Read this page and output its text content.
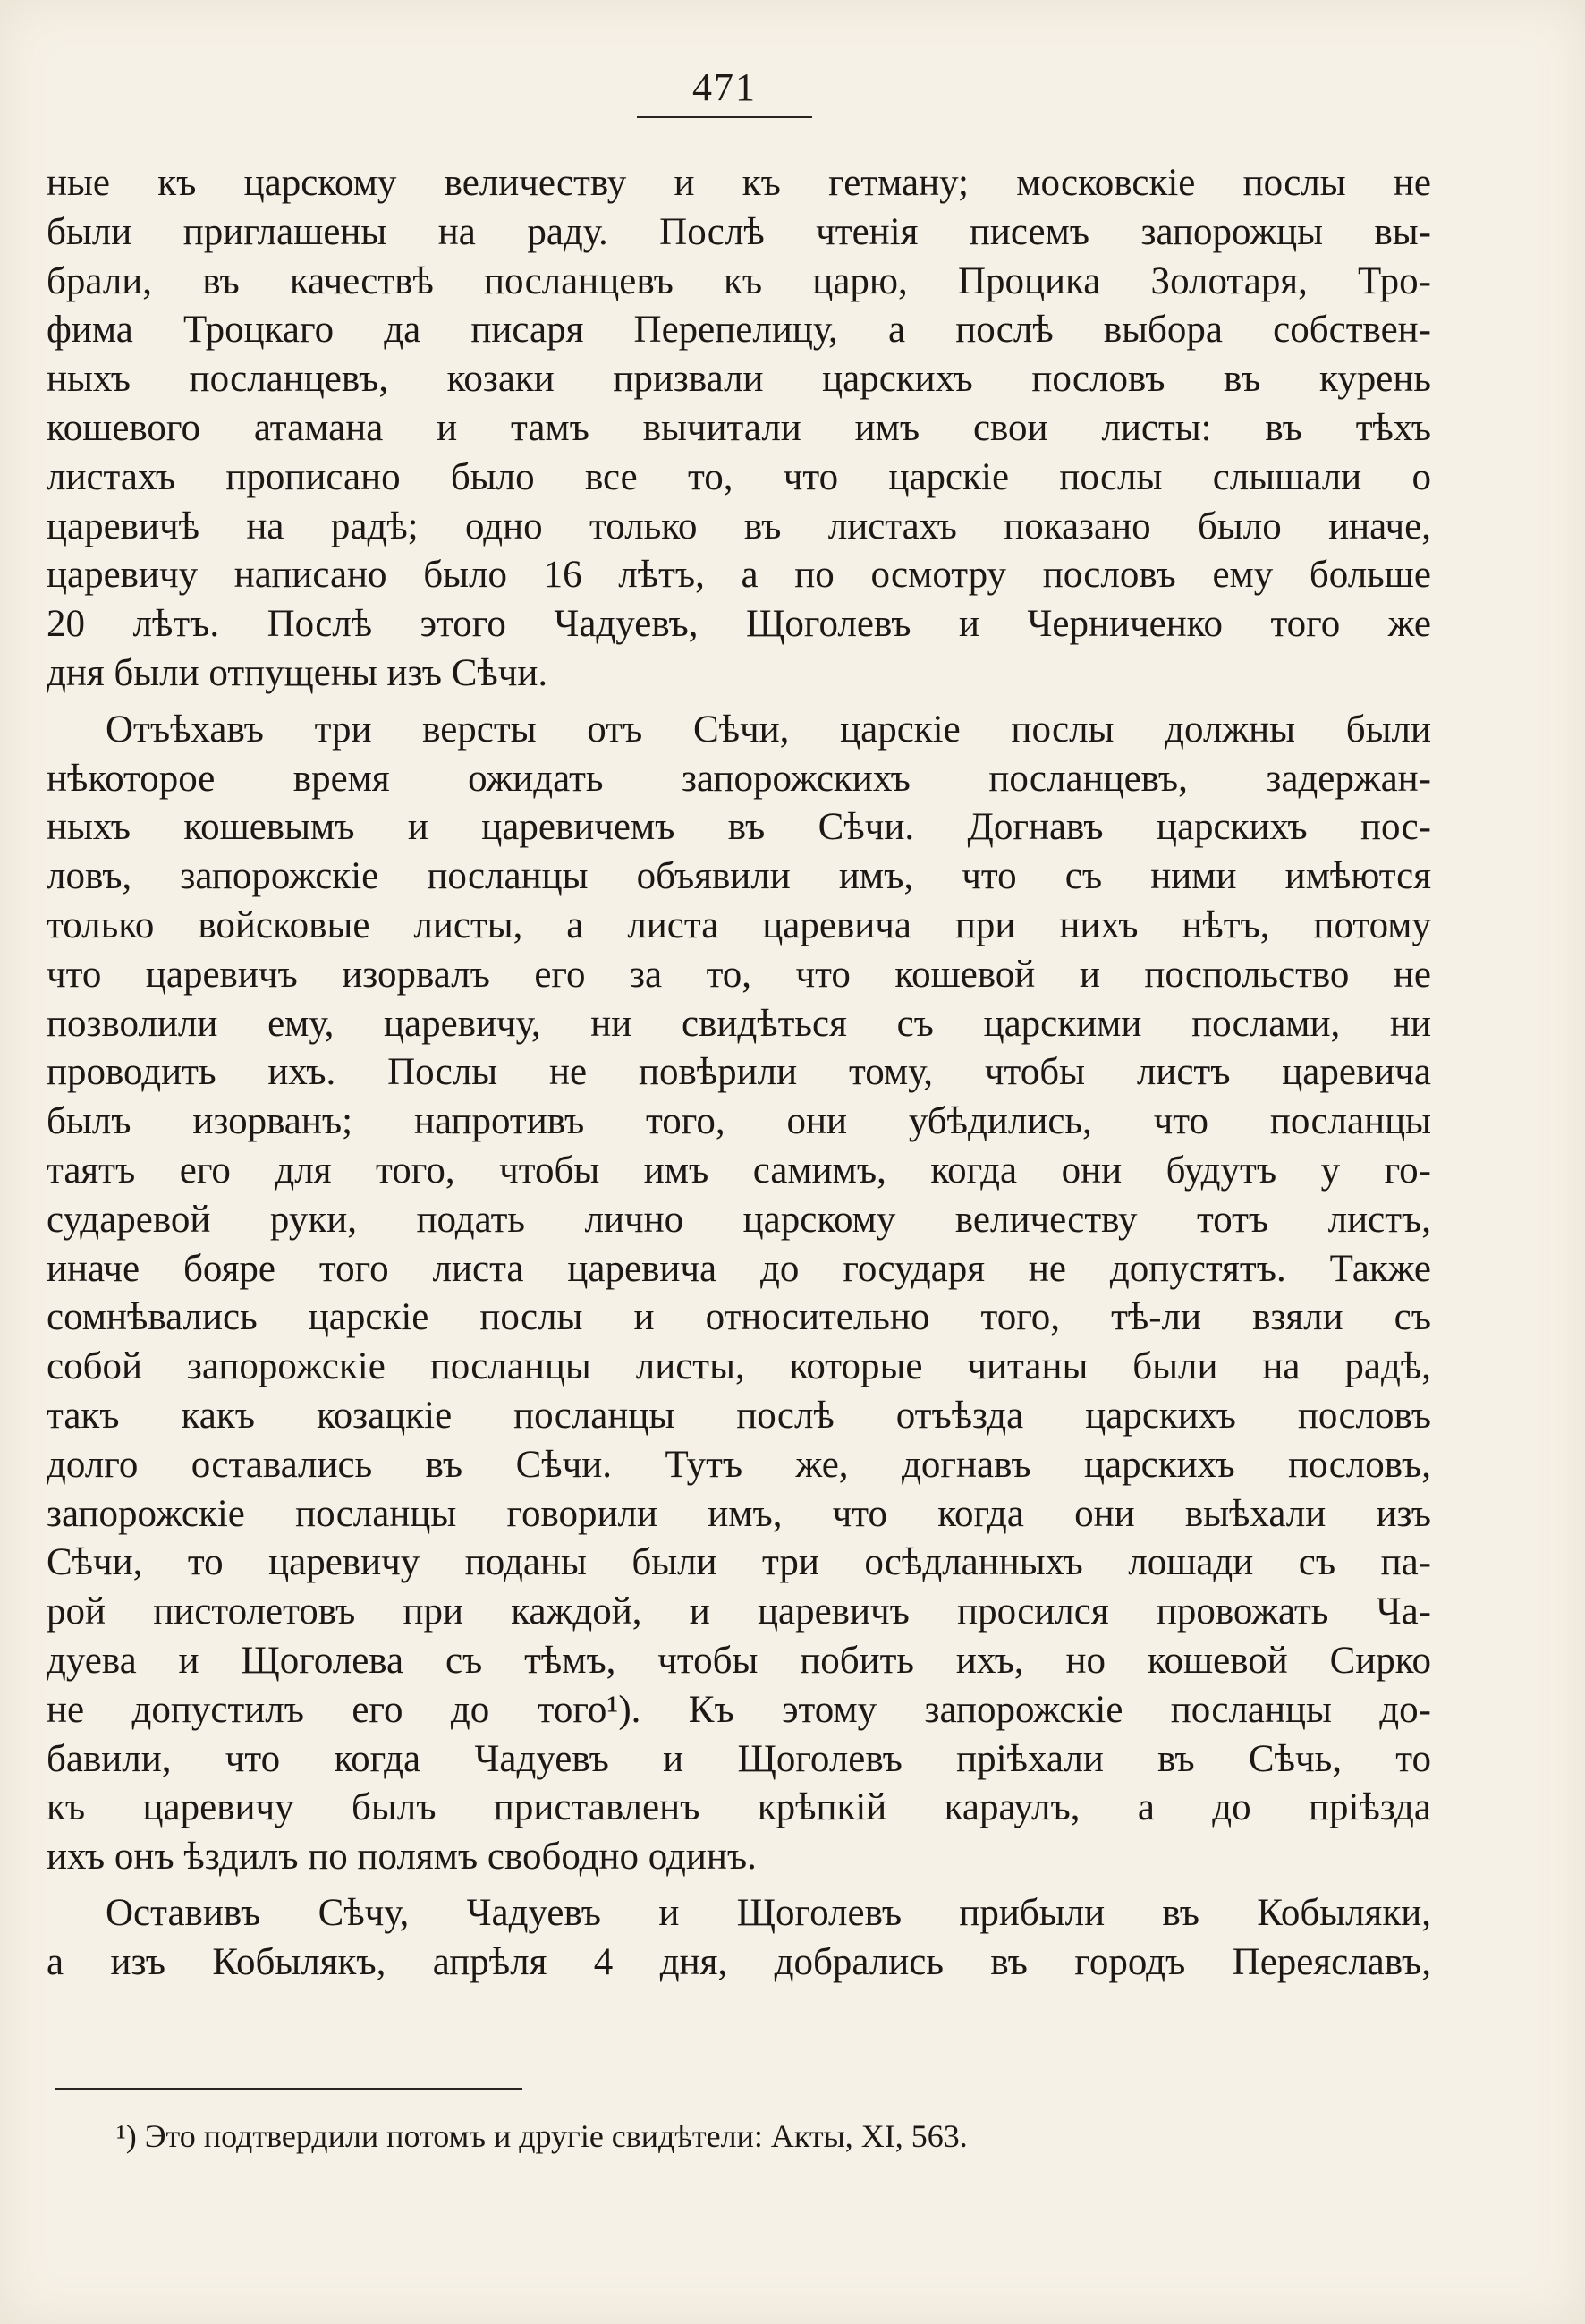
471
ные къ царскому величеству и къ гетману; московскіе послы не
были приглашены на раду. Послѣ чтенія писемъ запорожцы вы-
брали, въ качествѣ посланцевъ къ царю, Процика Золотаря, Тро-
фима Троцкаго да писаря Перепелицу, а послѣ выбора собствен-
ныхъ посланцевъ, козаки призвали царскихъ пословъ въ курень
кошевого атамана и тамъ вычитали имъ свои листы: въ тѣхъ
листахъ прописано было все то, что царскіе послы слышали о
царевичѣ на радѣ; одно только въ листахъ показано было иначе,
царевичу написано было 16 лѣтъ, а по осмотру пословъ ему больше
20 лѣтъ. Послѣ этого Чадуевъ, Щоголевъ и Черниченко того же
дня были отпущены изъ Сѣчи.
Отъѣхавъ три версты отъ Сѣчи, царскіе послы должны были
нѣкоторое время ожидать запорожскихъ посланцевъ, задержан-
ныхъ кошевымъ и царевичемъ въ Сѣчи. Догнавъ царскихъ пос-
ловъ, запорожскіе посланцы объявили имъ, что съ ними имѣются
только войсковые листы, а листа царевича при нихъ нѣтъ, потому
что царевичъ изорвалъ его за то, что кошевой и поспольство не
позволили ему, царевичу, ни свидѣться съ царскими послами, ни
проводить ихъ. Послы не повѣрили тому, чтобы листъ царевича
былъ изорванъ; напротивъ того, они убѣдились, что посланцы
таятъ его для того, чтобы имъ самимъ, когда они будутъ у го-
сударевой руки, подать лично царскому величеству тотъ листъ,
иначе бояре того листа царевича до государя не допустятъ. Также
сомнѣвались царскіе послы и относительно того, тѣ-ли взяли съ
собой запорожскіе посланцы листы, которые читаны были на радѣ,
такъ какъ козацкіе посланцы послѣ отъѣзда царскихъ пословъ
долго оставались въ Сѣчи. Тутъ же, догнавъ царскихъ пословъ,
запорожскіе посланцы говорили имъ, что когда они выѣхали изъ
Сѣчи, то царевичу поданы были три осѣдланныхъ лошади съ па-
рой пистолетовъ при каждой, и царевичъ просился провожать Ча-
дуева и Щоголева съ тѣмъ, чтобы побить ихъ, но кошевой Сирко
не допустилъ его до того¹). Къ этому запорожскіе посланцы до-
бавили, что когда Чадуевъ и Щоголевъ пріѣхали въ Сѣчь, то
къ царевичу былъ приставленъ крѣпкій караулъ, а до пріѣзда
ихъ онъ ѣздилъ по полямъ свободно одинъ.
Оставивъ Сѣчу, Чадуевъ и Щоголевъ прибыли въ Кобыляки,
а изъ Кобылякъ, апрѣля 4 дня, добрались въ городъ Переяславъ,
¹) Это подтвердили потомъ и другіе свидѣтели: Акты, XI, 563.
